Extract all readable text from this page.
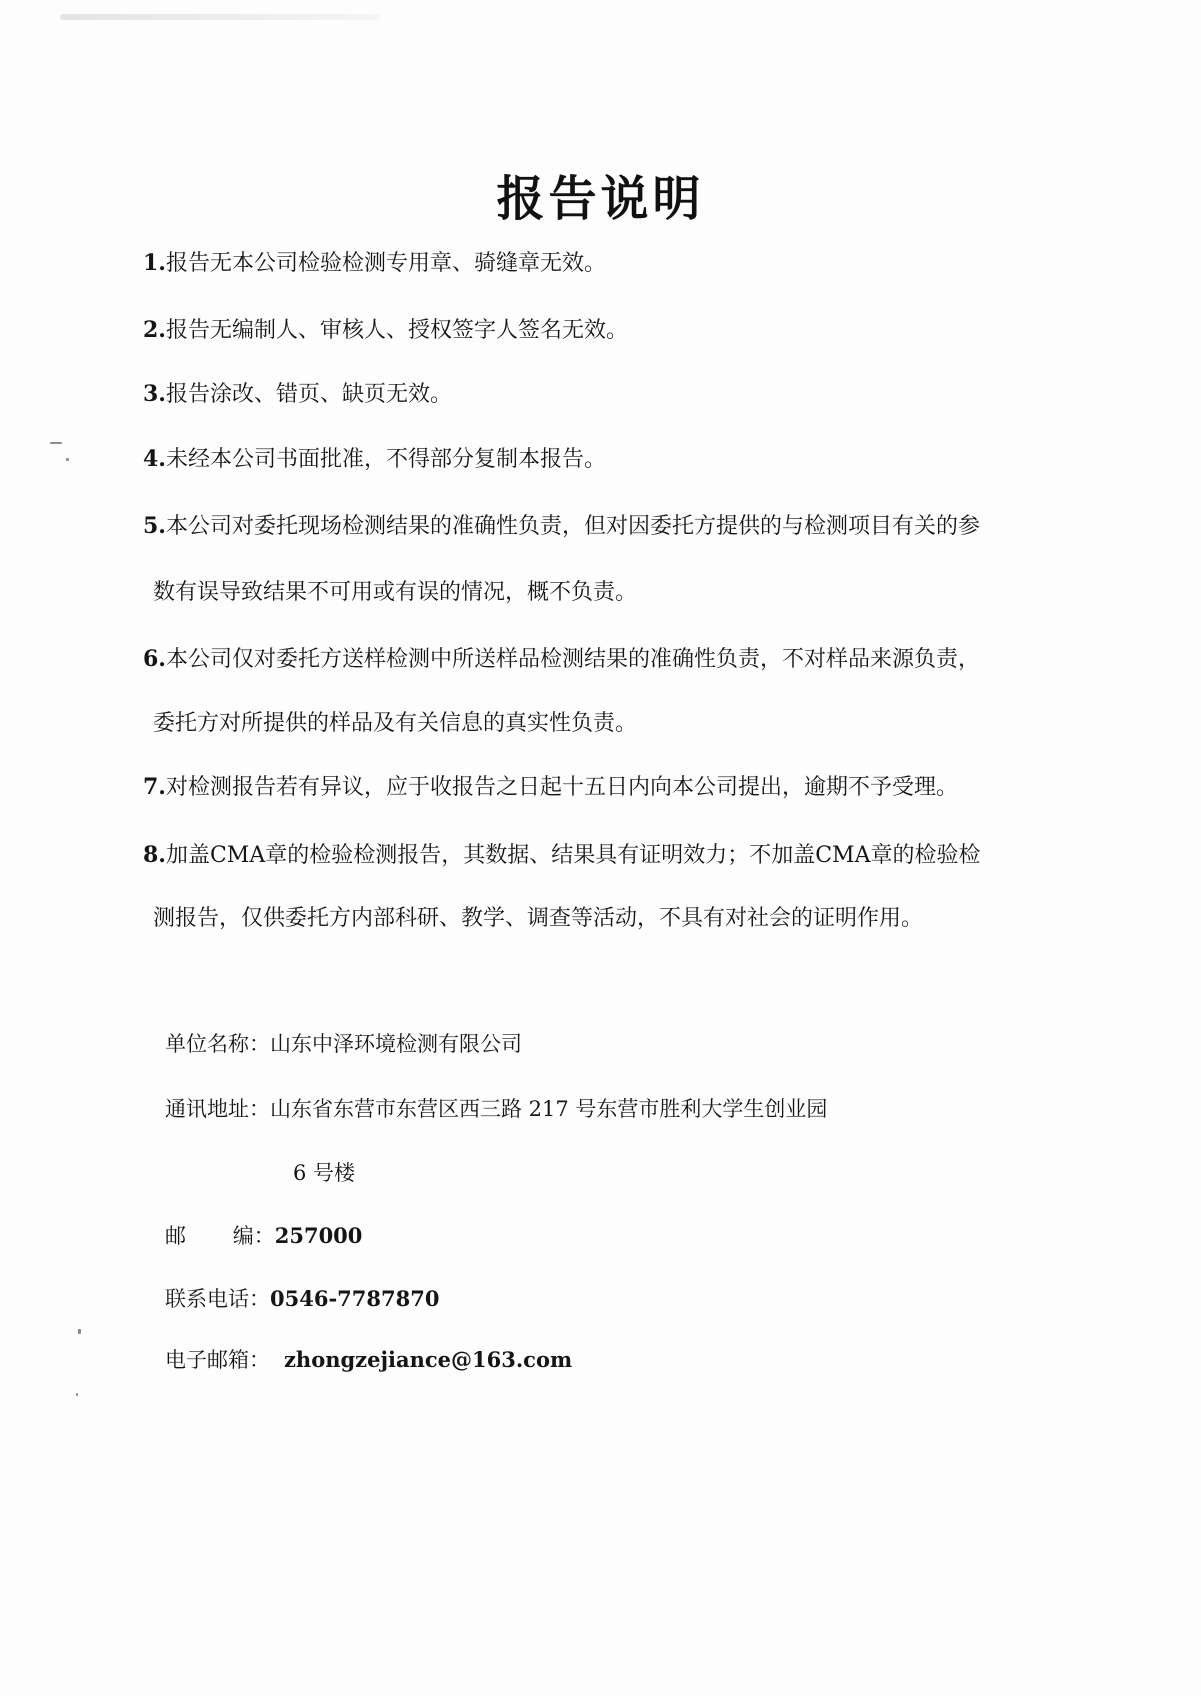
报告说明
1.报告无本公司检验检测专用章、骑缝章无效。
2.报告无编制人、审核人、授权签字人签名无效。
3.报告涂改、错页、缺页无效。
4.未经本公司书面批准，不得部分复制本报告。
5.本公司对委托现场检测结果的准确性负责，但对因委托方提供的与检测项目有关的参
数有误导致结果不可用或有误的情况，概不负责。
6.本公司仅对委托方送样检测中所送样品检测结果的准确性负责，不对样品来源负责，
委托方对所提供的样品及有关信息的真实性负责。
7.对检测报告若有异议，应于收报告之日起十五日内向本公司提出，逾期不予受理。
8.加盖CMA章的检验检测报告，其数据、结果具有证明效力；不加盖CMA章的检验检
测报告，仅供委托方内部科研、教学、调查等活动，不具有对社会的证明作用。
单位名称：山东中泽环境检测有限公司
通讯地址：山东省东营市东营区西三路 217 号东营市胜利大学生创业园
6 号楼
邮       编：257000
联系电话：0546-7787870
电子邮箱： zhongzejiance@163.com
